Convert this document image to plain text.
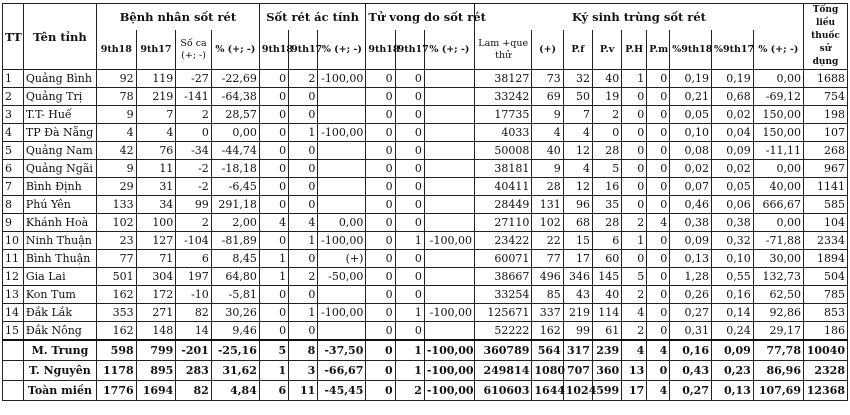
TT	Tên tỉnh	Bệnh nhân sốt rét				Sốt rét ác tính			Tử vong do sốt rét			Ký sinh trùng sốt rét									Tổng liều thuốc sử dụng
		9th18	9th17	Số ca (+; -)	% (+; -)	9th18	9th17	% (+; -)	9th18	9th17	% (+; -)	Lam +que thử	(+)	P.f	P.v	P.H	P.m	%9th18	%9th17	% (+; -)	
1	Quảng Bình	92	119	-27	-22,69	0	2	-100,00	0	0		38127	73	32	40	1	0	0,19	0,19	0,00	1688
2	Quảng Trị	78	219	-141	-64,38	0	0		0	0		33242	69	50	19	0	0	0,21	0,68	-69,12	754
3	T.T- Huế	9	7	2	28,57	0	0		0	0		17735	9	7	2	0	0	0,05	0,02	150,00	198
4	TP Đà Nẵng	4	4	0	0,00	0	1	-100,00	0	0		4033	4	4	0	0	0	0,10	0,04	150,00	107
5	Quảng Nam	42	76	-34	-44,74	0	0		0	0		50008	40	12	28	0	0	0,08	0,09	-11,11	268
6	Quảng Ngãi	9	11	-2	-18,18	0	0		0	0		38181	9	4	5	0	0	0,02	0,02	0,00	967
7	Bình Định	29	31	-2	-6,45	0	0		0	0		40411	28	12	16	0	0	0,07	0,05	40,00	1141
8	Phú Yên	133	34	99	291,18	0	0		0	0		28449	131	96	35	0	0	0,46	0,06	666,67	585
9	Khánh Hoà	102	100	2	2,00	4	4	0,00	0	0		27110	102	68	28	2	4	0,38	0,38	0,00	104
10	Ninh Thuận	23	127	-104	-81,89	0	1	-100,00	0	1	-100,00	23422	22	15	6	1	0	0,09	0,32	-71,88	2334
11	Bình Thuận	77	71	6	8,45	1	0	(+)	0	0		60071	77	17	60	0	0	0,13	0,10	30,00	1894
12	Gia Lai	501	304	197	64,80	1	2	-50,00	0	0		38667	496	346	145	5	0	1,28	0,55	132,73	504
13	Kon Tum	162	172	-10	-5,81	0	0		0	0		33254	85	43	40	2	0	0,26	0,16	62,50	785
14	Đắk Lắk	353	271	82	30,26	0	1	-100,00	0	1	-100,00	125671	337	219	114	4	0	0,27	0,14	92,86	853
15	Đắk Nông	162	148	14	9,46	0	0		0	0		52222	162	99	61	2	0	0,31	0,24	29,17	186
	M. Trung	598	799	-201	-25,16	5	8	-37,50	0	1	-100,00	360789	564	317	239	4	4	0,16	0,09	77,78	10040
	T. Nguyên	1178	895	283	31,62	1	3	-66,67	0	1	-100,00	249814	1080	707	360	13	0	0,43	0,23	86,96	2328
	Toàn miền	1776	1694	82	4,84	6	11	-45,45	0	2	-100,00	610603	1644	1024	599	17	4	0,27	0,13	107,69	12368
